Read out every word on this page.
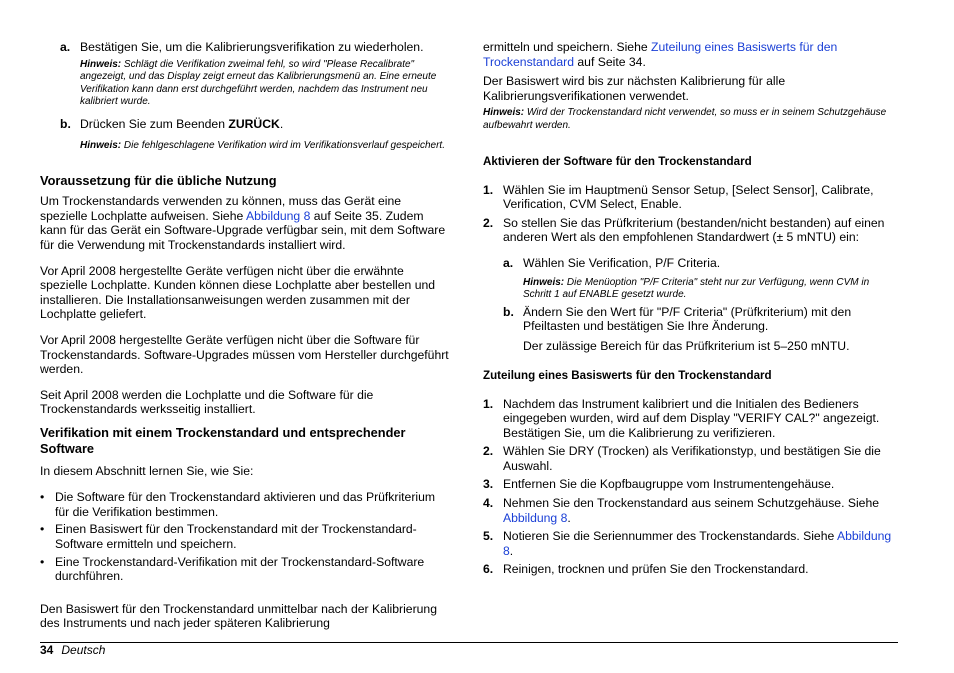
a. Bestätigen Sie, um die Kalibrierungsverifikation zu wiederholen.

Hinweis: Schlägt die Verifikation zweimal fehl, so wird "Please Recalibrate" angezeigt, und das Display zeigt erneut das Kalibrierungsmenü an. Eine erneute Verifikation kann dann erst durchgeführt werden, nachdem das Instrument neu kalibriert wurde.

b. Drücken Sie zum Beenden ZURÜCK.

Hinweis: Die fehlgeschlagene Verifikation wird im Verifikationsverlauf gespeichert.

Voraussetzung für die übliche Nutzung

Um Trockenstandards verwenden zu können, muss das Gerät eine spezielle Lochplatte aufweisen. Siehe Abbildung 8 auf Seite 35. Zudem kann für das Gerät ein Software-Upgrade verfügbar sein, mit dem Software für die Verwendung mit Trockenstandards installiert wird.

Vor April 2008 hergestellte Geräte verfügen nicht über die erwähnte spezielle Lochplatte. Kunden können diese Lochplatte aber bestellen und installieren. Die Installationsanweisungen werden zusammen mit der Lochplatte geliefert.

Vor April 2008 hergestellte Geräte verfügen nicht über die Software für Trockenstandards. Software-Upgrades müssen vom Hersteller durchgeführt werden.

Seit April 2008 werden die Lochplatte und die Software für die Trockenstandards werksseitig installiert.

Verifikation mit einem Trockenstandard und entsprechender Software

In diesem Abschnitt lernen Sie, wie Sie:

• Die Software für den Trockenstandard aktivieren und das Prüfkriterium für die Verifikation bestimmen.

• Einen Basiswert für den Trockenstandard mit der Trockenstandard-Software ermitteln und speichern.

• Eine Trockenstandard-Verifikation mit der Trockenstandard-Software durchführen.

Den Basiswert für den Trockenstandard unmittelbar nach der Kalibrierung des Instruments und nach jeder späteren Kalibrierung

ermitteln und speichern. Siehe Zuteilung eines Basiswerts für den Trockenstandard auf Seite 34.

Der Basiswert wird bis zur nächsten Kalibrierung für alle Kalibrierungsverifikationen verwendet.

Hinweis: Wird der Trockenstandard nicht verwendet, so muss er in seinem Schutzgehäuse aufbewahrt werden.

Aktivieren der Software für den Trockenstandard

1. Wählen Sie im Hauptmenü Sensor Setup, [Select Sensor], Calibrate, Verification, CVM Select, Enable.

2. So stellen Sie das Prüfkriterium (bestanden/nicht bestanden) auf einen anderen Wert als den empfohlenen Standardwert (± 5 mNTU) ein:

a. Wählen Sie Verification, P/F Criteria.

Hinweis: Die Menüoption "P/F Criteria" steht nur zur Verfügung, wenn CVM in Schritt 1 auf ENABLE gesetzt wurde.

b. Ändern Sie den Wert für "P/F Criteria" (Prüfkriterium) mit den Pfeiltasten und bestätigen Sie Ihre Änderung.

Der zulässige Bereich für das Prüfkriterium ist 5–250 mNTU.

Zuteilung eines Basiswerts für den Trockenstandard

1. Nachdem das Instrument kalibriert und die Initialen des Bedieners eingegeben wurden, wird auf dem Display "VERIFY CAL?" angezeigt. Bestätigen Sie, um die Kalibrierung zu verifizieren.

2. Wählen Sie DRY (Trocken) als Verifikationstyp, und bestätigen Sie die Auswahl.

3. Entfernen Sie die Kopfbaugruppe vom Instrumentengehäuse.

4. Nehmen Sie den Trockenstandard aus seinem Schutzgehäuse. Siehe Abbildung 8.

5. Notieren Sie die Seriennummer des Trockenstandards. Siehe Abbildung 8.

6. Reinigen, trocknen und prüfen Sie den Trockenstandard.

34 Deutsch
